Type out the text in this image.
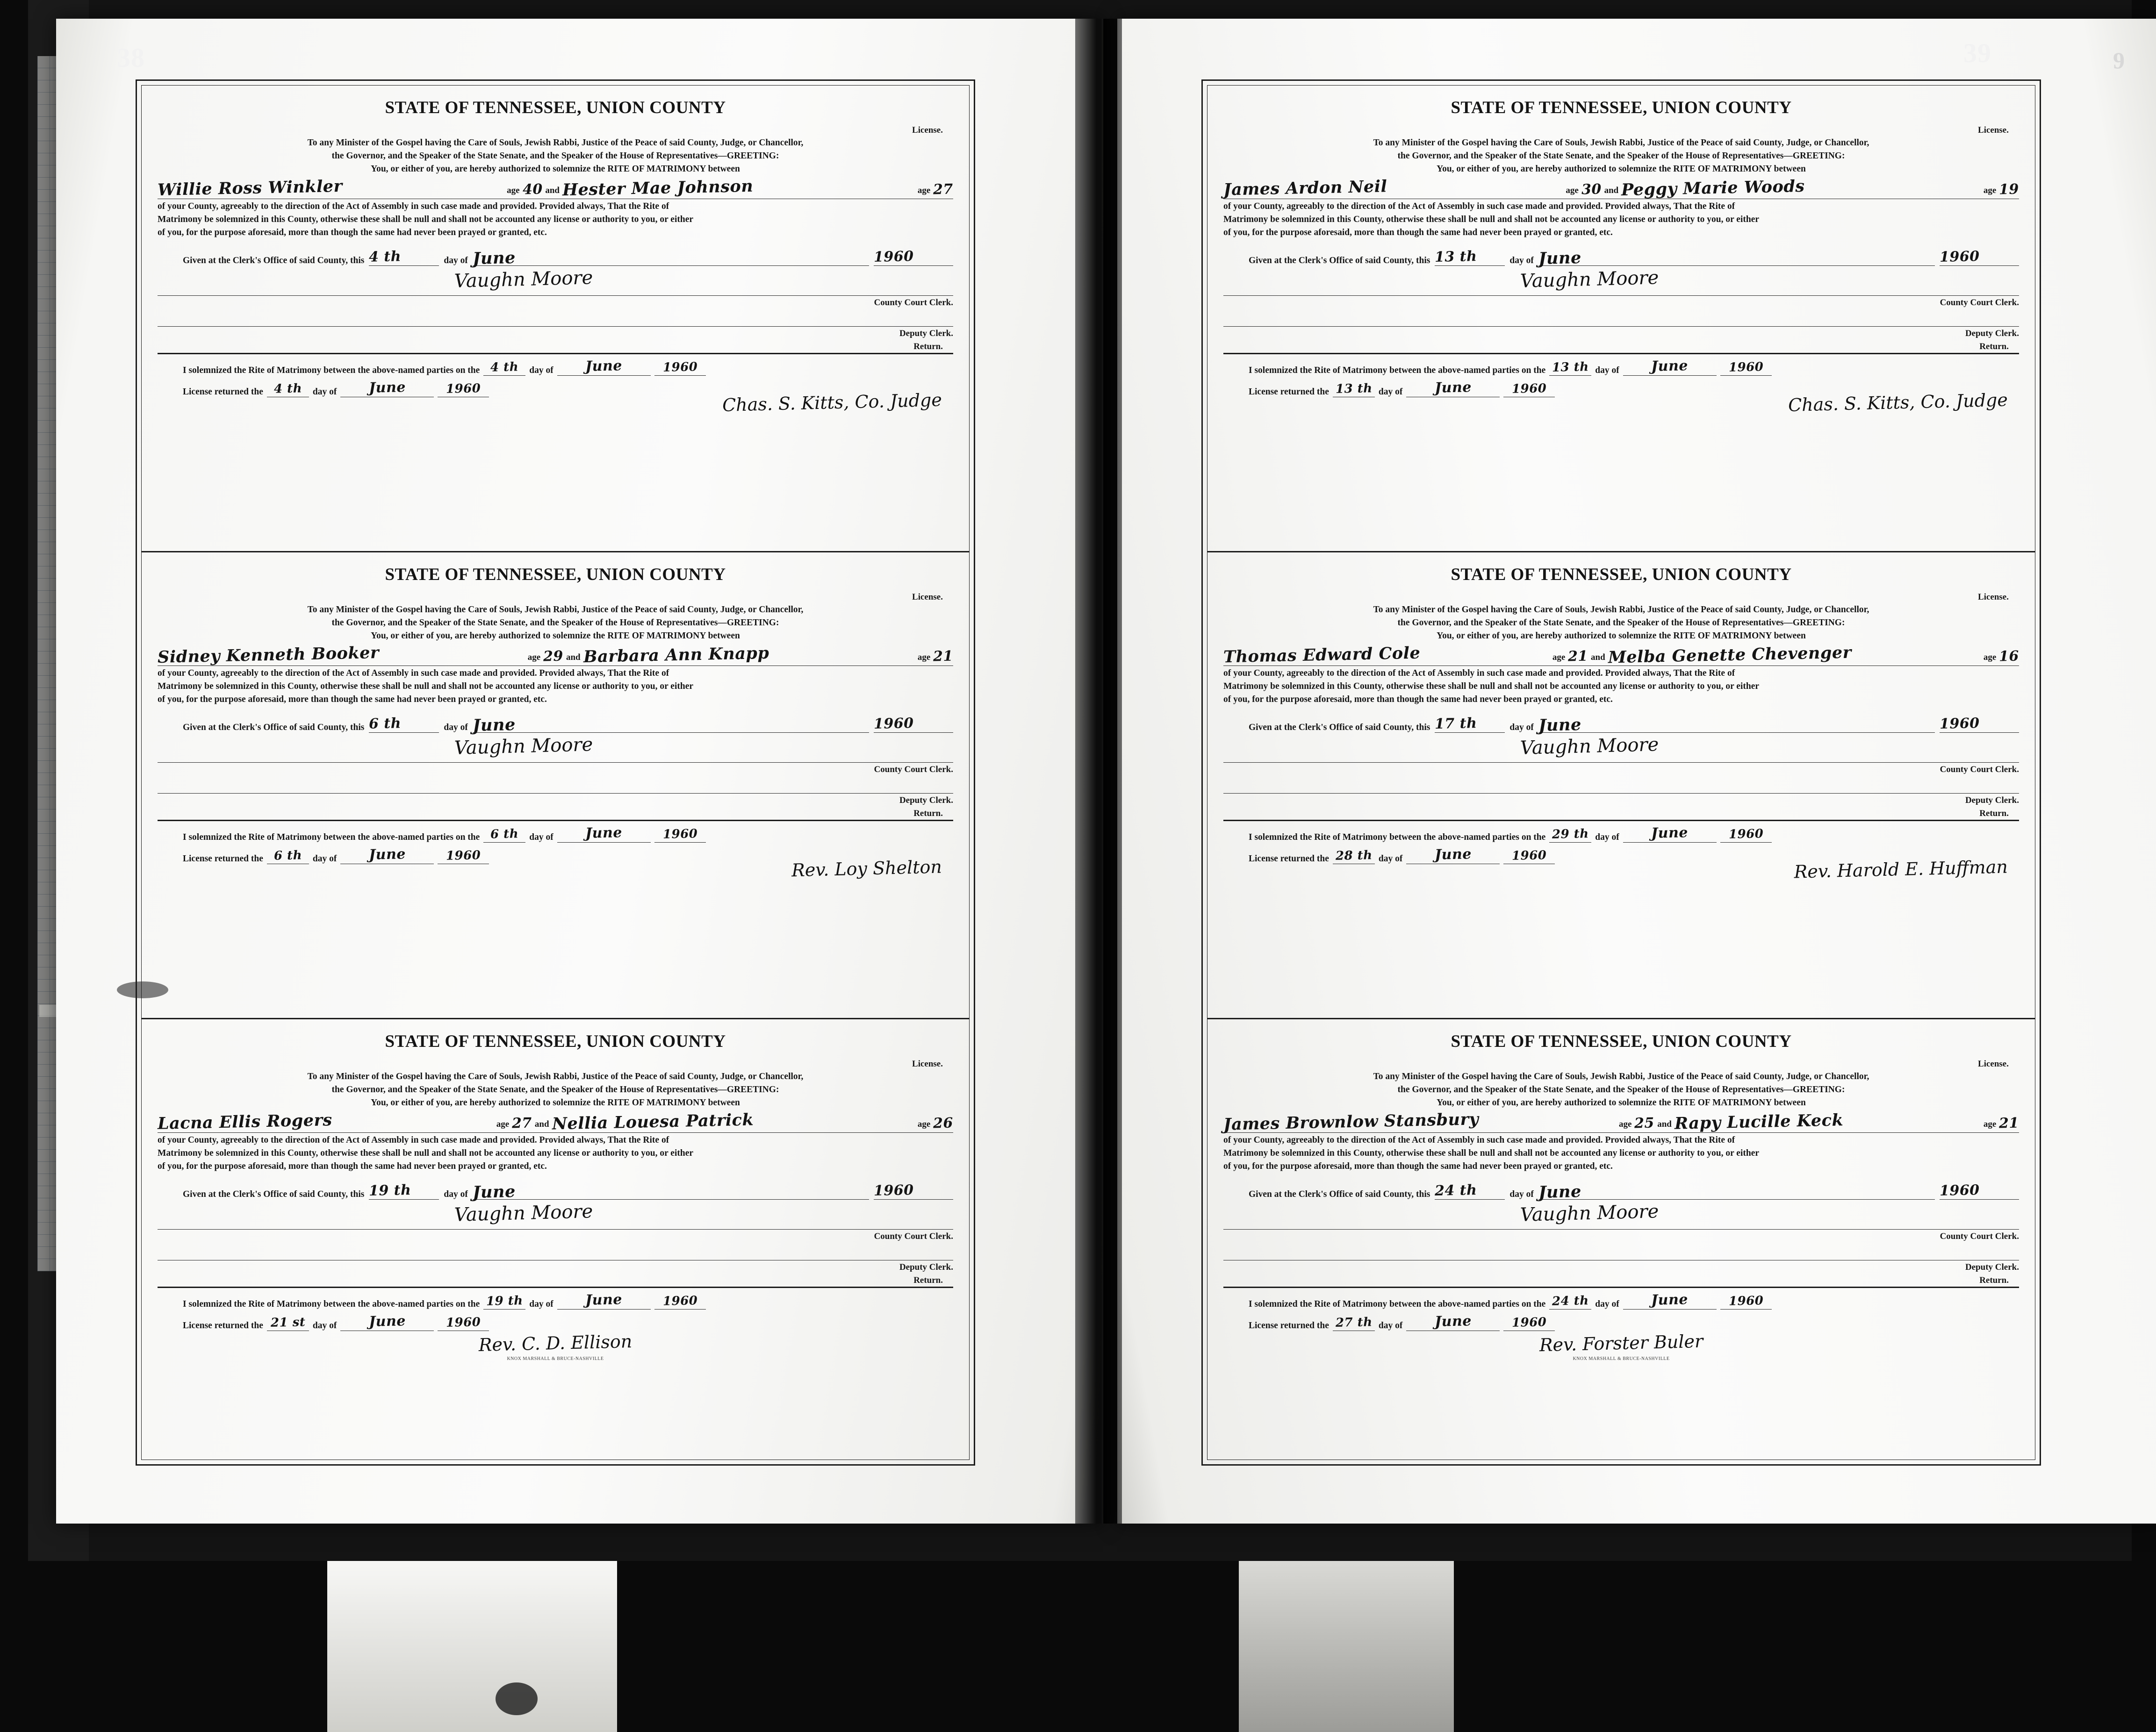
STATE OF TENNESSEE, UNION COUNTY
License.
To any Minister of the Gospel having the Care of Souls, Jewish Rabbi, Justice of the Peace of said County, Judge, or Chancellor,
the Governor, and the Speaker of the State Senate, and the Speaker of the House of Representatives—GREETING:
You, or either of you, are hereby authorized to solemnize the RITE OF MATRIMONY between
Willie Ross Winkler	age 40 and Hester Mae Johnson	age 27
of your County, agreeably to the direction of the Act of Assembly in such case made and provided. Provided always, That the Rite of
Matrimony be solemnized in this County, otherwise these shall be null and shall not be accounted any license or authority to you, or either
of you, for the purpose aforesaid, more than though the same had never been prayed or granted, etc.
Given at the Clerk's Office of said County, this 4 th	day of June	1960
Vaughn Moore
County Court Clerk.
Deputy Clerk.
Return.
I solemnized the Rite of Matrimony between the above-named parties on the 4 th	day of	June	1960
License returned the 4 th	day of	June	1960
Chas. S. Kitts, Co. Judge
STATE OF TENNESSEE, UNION COUNTY
License.
To any Minister of the Gospel having the Care of Souls, Jewish Rabbi, Justice of the Peace of said County, Judge, or Chancellor,
the Governor, and the Speaker of the State Senate, and the Speaker of the House of Representatives—GREETING:
You, or either of you, are hereby authorized to solemnize the RITE OF MATRIMONY between
Sidney Kenneth Booker	age 29 and Barbara Ann Knapp	age 21
of your County, agreeably to the direction of the Act of Assembly in such case made and provided. Provided always, That the Rite of
Matrimony be solemnized in this County, otherwise these shall be null and shall not be accounted any license or authority to you, or either
of you, for the purpose aforesaid, more than though the same had never been prayed or granted, etc.
Given at the Clerk's Office of said County, this 6 th	day of June	1960
Vaughn Moore
County Court Clerk.
Deputy Clerk.
Return.
I solemnized the Rite of Matrimony between the above-named parties on the 6 th	day of	June	1960
License returned the 6 th	day of	June	1960
Rev. Loy Shelton
STATE OF TENNESSEE, UNION COUNTY
License.
To any Minister of the Gospel having the Care of Souls, Jewish Rabbi, Justice of the Peace of said County, Judge, or Chancellor,
the Governor, and the Speaker of the State Senate, and the Speaker of the House of Representatives—GREETING:
You, or either of you, are hereby authorized to solemnize the RITE OF MATRIMONY between
Lacna Ellis Rogers	age 27 and Nellia Louesa Patrick	age 26
of your County, agreeably to the direction of the Act of Assembly in such case made and provided. Provided always, That the Rite of
Matrimony be solemnized in this County, otherwise these shall be null and shall not be accounted any license or authority to you, or either
of you, for the purpose aforesaid, more than though the same had never been prayed or granted, etc.
Given at the Clerk's Office of said County, this 19 th	day of June	1960
Vaughn Moore
County Court Clerk.
Deputy Clerk.
Return.
I solemnized the Rite of Matrimony between the above-named parties on the 19 th day of	June	1960
License returned the 21 st day of	June	1960
Rev. C. D. Ellison
KNOX MARSHALL & BRUCE-NASHVILLE
STATE OF TENNESSEE, UNION COUNTY
License.
To any Minister of the Gospel having the Care of Souls, Jewish Rabbi, Justice of the Peace of said County, Judge, or Chancellor,
the Governor, and the Speaker of the State Senate, and the Speaker of the House of Representatives—GREETING:
You, or either of you, are hereby authorized to solemnize the RITE OF MATRIMONY between
James Ardon Neil	age 30 and Peggy Marie Woods	age 19
of your County, agreeably to the direction of the Act of Assembly in such case made and provided. Provided always, That the Rite of
Matrimony be solemnized in this County, otherwise these shall be null and shall not be accounted any license or authority to you, or either
of you, for the purpose aforesaid, more than though the same had never been prayed or granted, etc.
Given at the Clerk's Office of said County, this 13 th	day of June	1960
Vaughn Moore
County Court Clerk.
Deputy Clerk.
Return.
I solemnized the Rite of Matrimony between the above-named parties on the 13 th day of	June	1960
License returned the 13 th day of	June	1960
Chas. S. Kitts, Co. Judge
STATE OF TENNESSEE, UNION COUNTY
License.
To any Minister of the Gospel having the Care of Souls, Jewish Rabbi, Justice of the Peace of said County, Judge, or Chancellor,
the Governor, and the Speaker of the State Senate, and the Speaker of the House of Representatives—GREETING:
You, or either of you, are hereby authorized to solemnize the RITE OF MATRIMONY between
Thomas Edward Cole	age 21 and Melba Genette Chevenger	age 16
of your County, agreeably to the direction of the Act of Assembly in such case made and provided. Provided always, That the Rite of
Matrimony be solemnized in this County, otherwise these shall be null and shall not be accounted any license or authority to you, or either
of you, for the purpose aforesaid, more than though the same had never been prayed or granted, etc.
Given at the Clerk's Office of said County, this 17 th	day of June	1960
Vaughn Moore
County Court Clerk.
Deputy Clerk.
Return.
I solemnized the Rite of Matrimony between the above-named parties on the 29 th day of	June	1960
License returned the 28 th day of	June	1960
Rev. Harold E. Huffman
STATE OF TENNESSEE, UNION COUNTY
License.
To any Minister of the Gospel having the Care of Souls, Jewish Rabbi, Justice of the Peace of said County, Judge, or Chancellor,
the Governor, and the Speaker of the State Senate, and the Speaker of the House of Representatives—GREETING:
You, or either of you, are hereby authorized to solemnize the RITE OF MATRIMONY between
James Brownlow Stansbury	age 25 and Rapy Lucille Keck	age 21
of your County, agreeably to the direction of the Act of Assembly in such case made and provided. Provided always, That the Rite of
Matrimony be solemnized in this County, otherwise these shall be null and shall not be accounted any license or authority to you, or either
of you, for the purpose aforesaid, more than though the same had never been prayed or granted, etc.
Given at the Clerk's Office of said County, this 24 th	day of June	1960
Vaughn Moore
County Court Clerk.
Deputy Clerk.
Return.
I solemnized the Rite of Matrimony between the above-named parties on the 24 th day of	June	1960
License returned the 27 th day of	June	1960
Rev. Forster Buler
KNOX MARSHALL & BRUCE-NASHVILLE
38	39	9
